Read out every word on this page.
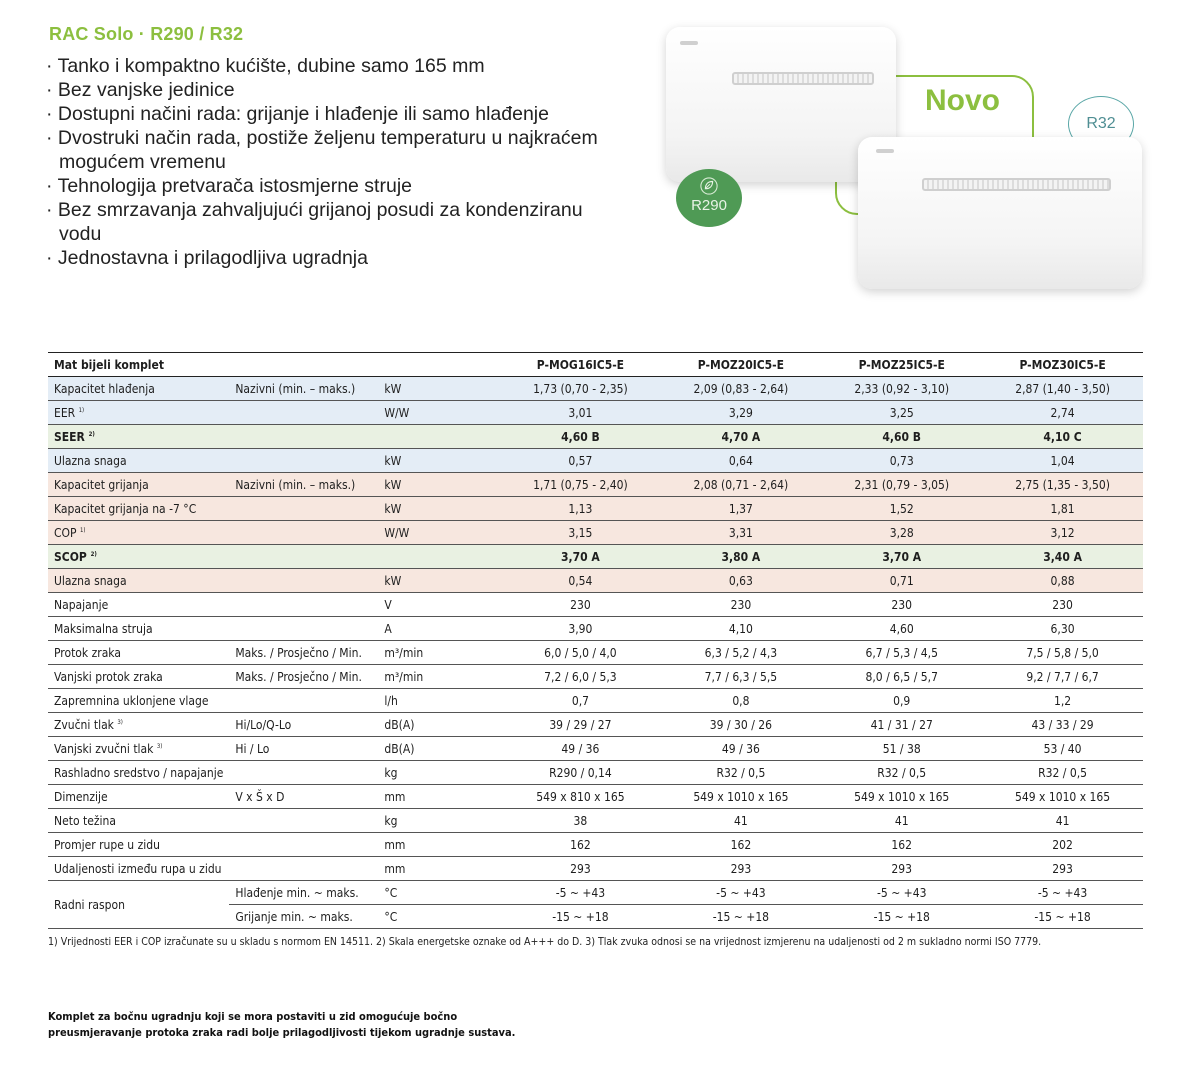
RAC Solo · R290 / R32
· Tanko i kompaktno kućište, dubine samo 165 mm
· Bez vanjske jedinice
· Dostupni načini rada: grijanje i hlađenje ili samo hlađenje
· Dvostruki način rada, postiže željenu temperaturu u najkraćem mogućem vremenu
· Tehnologija pretvarača istosmjerne struje
· Bez smrzavanja zahvaljujući grijanoj posudi za kondenziranu vodu
· Jednostavna i prilagodljiva ugradnja
Novo
R32
R290
Mat bijeli komplet			P-MOG16IC5-E	P-MOZ20IC5-E	P-MOZ25IC5-E	P-MOZ30IC5-E
Kapacitet hlađenja	Nazivni (min. – maks.)	kW	1,73 (0,70 - 2,35)	2,09 (0,83 - 2,64)	2,33 (0,92 - 3,10)	2,87 (1,40 - 3,50)
EER $^{1)}$		W/W	3,01	3,29	3,25	2,74
SEER $^{2)}$			4,60 B	4,70 A	4,60 B	4,10 C
Ulazna snaga		kW	0,57	0,64	0,73	1,04
Kapacitet grijanja	Nazivni (min. – maks.)	kW	1,71 (0,75 - 2,40)	2,08 (0,71 - 2,64)	2,31 (0,79 - 3,05)	2,75 (1,35 - 3,50)
Kapacitet grijanja na -7 °C		kW	1,13	1,37	1,52	1,81
COP $^{1)}$		W/W	3,15	3,31	3,28	3,12
SCOP $^{2)}$			3,70 A	3,80 A	3,70 A	3,40 A
Ulazna snaga		kW	0,54	0,63	0,71	0,88
Napajanje		V	230	230	230	230
Maksimalna struja		A	3,90	4,10	4,60	6,30
Protok zraka	Maks. / Prosječno / Min.	m³/min	6,0 / 5,0 / 4,0	6,3 / 5,2 / 4,3	6,7 / 5,3 / 4,5	7,5 / 5,8 / 5,0
Vanjski protok zraka	Maks. / Prosječno / Min.	m³/min	7,2 / 6,0 / 5,3	7,7 / 6,3 / 5,5	8,0 / 6,5 / 5,7	9,2 / 7,7 / 6,7
Zapremnina uklonjene vlage		l/h	0,7	0,8	0,9	1,2
Zvučni tlak $^{3)}$	Hi/Lo/Q-Lo	dB(A)	39 / 29 / 27	39 / 30 / 26	41 / 31 / 27	43 / 33 / 29
Vanjski zvučni tlak $^{3)}$	Hi / Lo	dB(A)	49 / 36	49 / 36	51 / 38	53 / 40
Rashladno sredstvo / napajanje		kg	R290 / 0,14	R32 / 0,5	R32 / 0,5	R32 / 0,5
Dimenzije	V x Š x D	mm	549 x 810 x 165	549 x 1010 x 165	549 x 1010 x 165	549 x 1010 x 165
Neto težina		kg	38	41	41	41
Promjer rupe u zidu		mm	162	162	162	202
Udaljenosti između rupa u zidu		mm	293	293	293	293
Radni raspon	Hlađenje min. ~ maks.	°C	-5 ~ +43	-5 ~ +43	-5 ~ +43	-5 ~ +43
	Grijanje min. ~ maks.	°C	-15 ~ +18	-15 ~ +18	-15 ~ +18	-15 ~ +18
1) Vrijednosti EER i COP izračunate su u skladu s normom EN 14511. 2) Skala energetske oznake od A+++ do D. 3) Tlak zvuka odnosi se na vrijednost izmjerenu na udaljenosti od 2 m sukladno normi ISO 7779.
Komplet za bočnu ugradnju koji se mora postaviti u zid omogućuje bočno
preusmjeravanje protoka zraka radi bolje prilagodljivosti tijekom ugradnje sustava.
